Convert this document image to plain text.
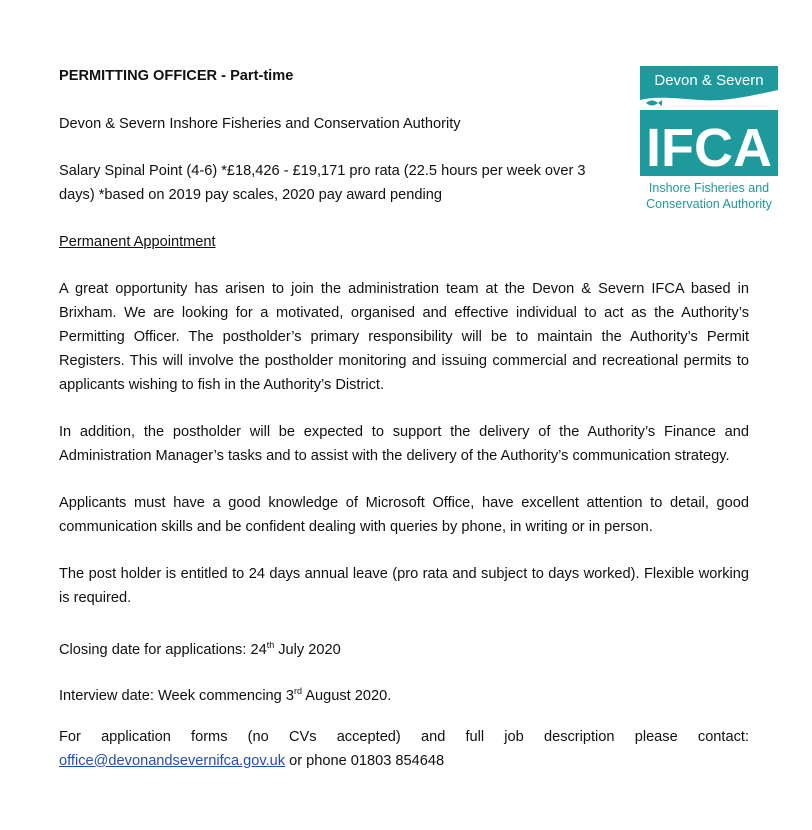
PERMITTING OFFICER - Part-time

Devon & Severn Inshore Fisheries and Conservation Authority

Salary Spinal Point (4-6) *£18,426 - £19,171 pro rata (22.5 hours per week over 3 days) *based on 2019 pay scales, 2020 pay award pending

Permanent Appointment

A great opportunity has arisen to join the administration team at the Devon & Severn IFCA based in Brixham. We are looking for a motivated, organised and effective individual to act as the Authority’s Permitting Officer. The postholder’s primary responsibility will be to maintain the Authority’s Permit Registers. This will involve the postholder monitoring and issuing commercial and recreational permits to applicants wishing to fish in the Authority’s District.

In addition, the postholder will be expected to support the delivery of the Authority’s Finance and Administration Manager’s tasks and to assist with the delivery of the Authority’s communication strategy.

Applicants must have a good knowledge of Microsoft Office, have excellent attention to detail, good communication skills and be confident dealing with queries by phone, in writing or in person.

The post holder is entitled to 24 days annual leave (pro rata and subject to days worked). Flexible working is required.

Closing date for applications: 24th July 2020

Interview date: Week commencing 3rd August 2020.

For application forms (no CVs accepted) and full job description please contact: office@devonandsevernifca.gov.uk or phone 01803 854648

Devon & Severn
IFCA
Inshore Fisheries and
Conservation Authority
